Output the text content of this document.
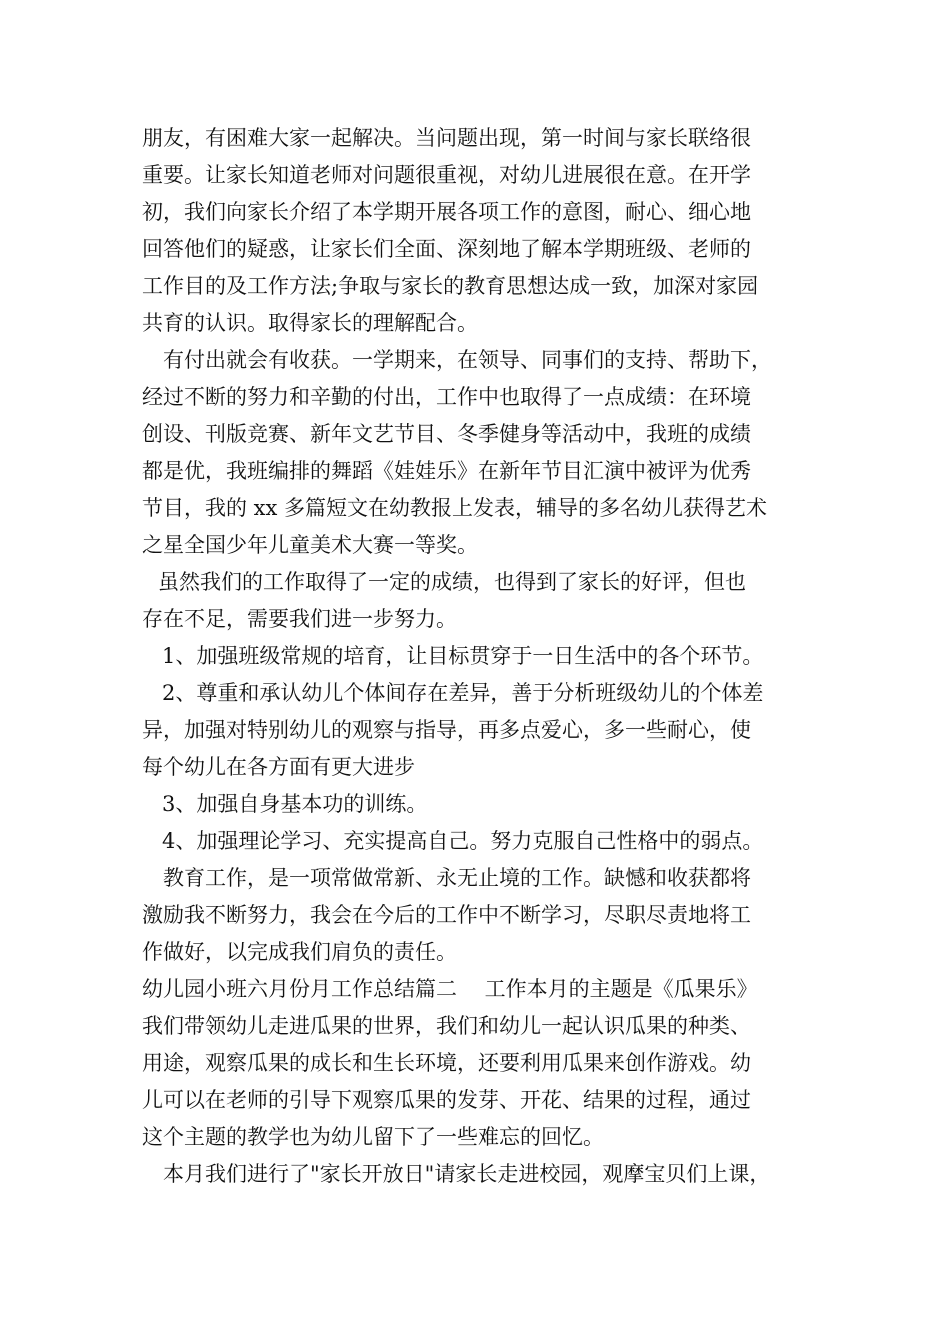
朋友，有困难大家一起解决。当问题出现，第一时间与家长联络很
重要。让家长知道老师对问题很重视，对幼儿进展很在意。在开学
初，我们向家长介绍了本学期开展各项工作的意图，耐心、细心地
回答他们的疑惑，让家长们全面、深刻地了解本学期班级、老师的
工作目的及工作方法;争取与家长的教育思想达成一致，加深对家园
共育的认识。取得家长的理解配合。
有付出就会有收获。一学期来，在领导、同事们的支持、帮助下，
经过不断的努力和辛勤的付出，工作中也取得了一点成绩：在环境
创设、刊版竞赛、新年文艺节目、冬季健身等活动中，我班的成绩
都是优，我班编排的舞蹈《娃娃乐》在新年节目汇演中被评为优秀
节目，我的 xx 多篇短文在幼教报上发表，辅导的多名幼儿获得艺术
之星全国少年儿童美术大赛一等奖。
虽然我们的工作取得了一定的成绩，也得到了家长的好评，但也
存在不足，需要我们进一步努力。
1、加强班级常规的培育，让目标贯穿于一日生活中的各个环节。
2、尊重和承认幼儿个体间存在差异，善于分析班级幼儿的个体差
异，加强对特别幼儿的观察与指导，再多点爱心，多一些耐心，使
每个幼儿在各方面有更大进步
3、加强自身基本功的训练。
4、加强理论学习、充实提高自己。努力克服自己性格中的弱点。
教育工作，是一项常做常新、永无止境的工作。缺憾和收获都将
激励我不断努力，我会在今后的工作中不断学习，尽职尽责地将工
作做好，以完成我们肩负的责任。
幼儿园小班六月份月工作总结篇二　 工作本月的主题是《瓜果乐》
我们带领幼儿走进瓜果的世界，我们和幼儿一起认识瓜果的种类、
用途，观察瓜果的成长和生长环境，还要利用瓜果来创作游戏。幼
儿可以在老师的引导下观察瓜果的发芽、开花、结果的过程，通过
这个主题的教学也为幼儿留下了一些难忘的回忆。
本月我们进行了"家长开放日"请家长走进校园，观摩宝贝们上课，
